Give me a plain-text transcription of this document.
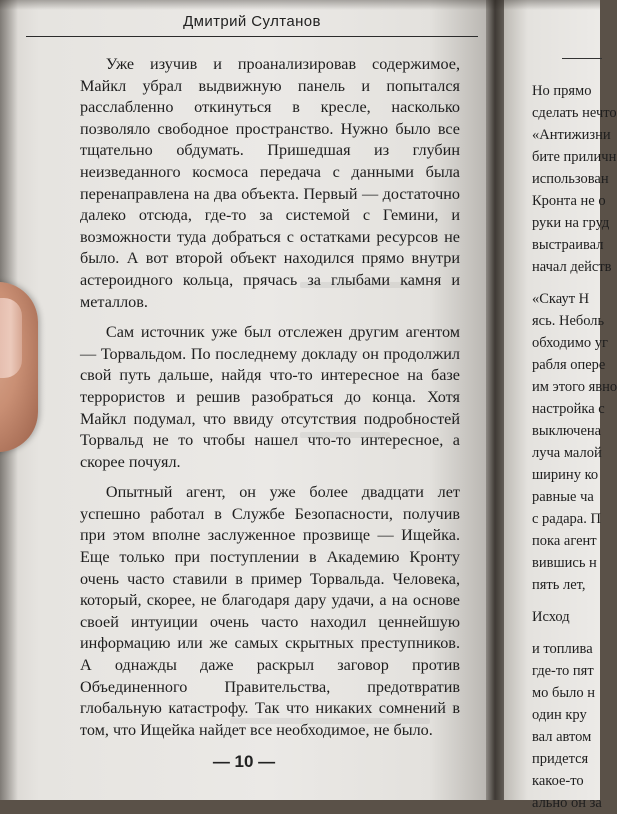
Дмитрий Султанов

Уже изучив и проанализировав содержимое, Майкл убрал выдвижную панель и попытался расслабленно откинуться в кресле, насколько позволяло свободное пространство. Нужно было все тщательно обдумать. Пришедшая из глубин неизведанного космоса передача с данными была перенаправлена на два объекта. Первый — достаточно далеко отсюда, где-то за системой с Гемини, и возможности туда добраться с остатками ресурсов не было. А вот второй объект находился прямо внутри астероидного кольца, прячась за глыбами камня и металлов.

Сам источник уже был отслежен другим агентом — Торвальдом. По последнему докладу он продолжил свой путь дальше, найдя что-то интересное на базе террористов и решив разобраться до конца. Хотя Майкл подумал, что ввиду отсутствия подробностей Торвальд не то чтобы нашел что-то интересное, а скорее почуял.

Опытный агент, он уже более двадцати лет успешно работал в Службе Безопасности, получив при этом вполне заслуженное прозвище — Ищейка. Еще только при поступлении в Академию Кронту очень часто ставили в пример Торвальда. Человека, который, скорее, не благодаря дару удачи, а на основе своей интуиции очень часто находил ценнейшую информацию или же самых скрытных преступников. А однажды даже раскрыл заговор против Объединенного Правительства, предотвратив глобальную катастрофу. Так что никаких сомнений в том, что Ищейка найдет все необходимое, не было.

— 10 —
Но прямо
сделать нечто
«Антижизни
бите приличн
использован
Кронта не о
руки на груд
выстраивал
начал действ
«Скаут Н
ясь. Неболь
обходимо уг
рабля опере
им этого явно
настройка с
выключена
луча малой
ширину ко
равные ча
с радара. П
пока агент
вившись н
пять лет,
Исход
и топлива
где-то пят
мо было н
один кру
вал автом
придется
какое-то
ально он за
